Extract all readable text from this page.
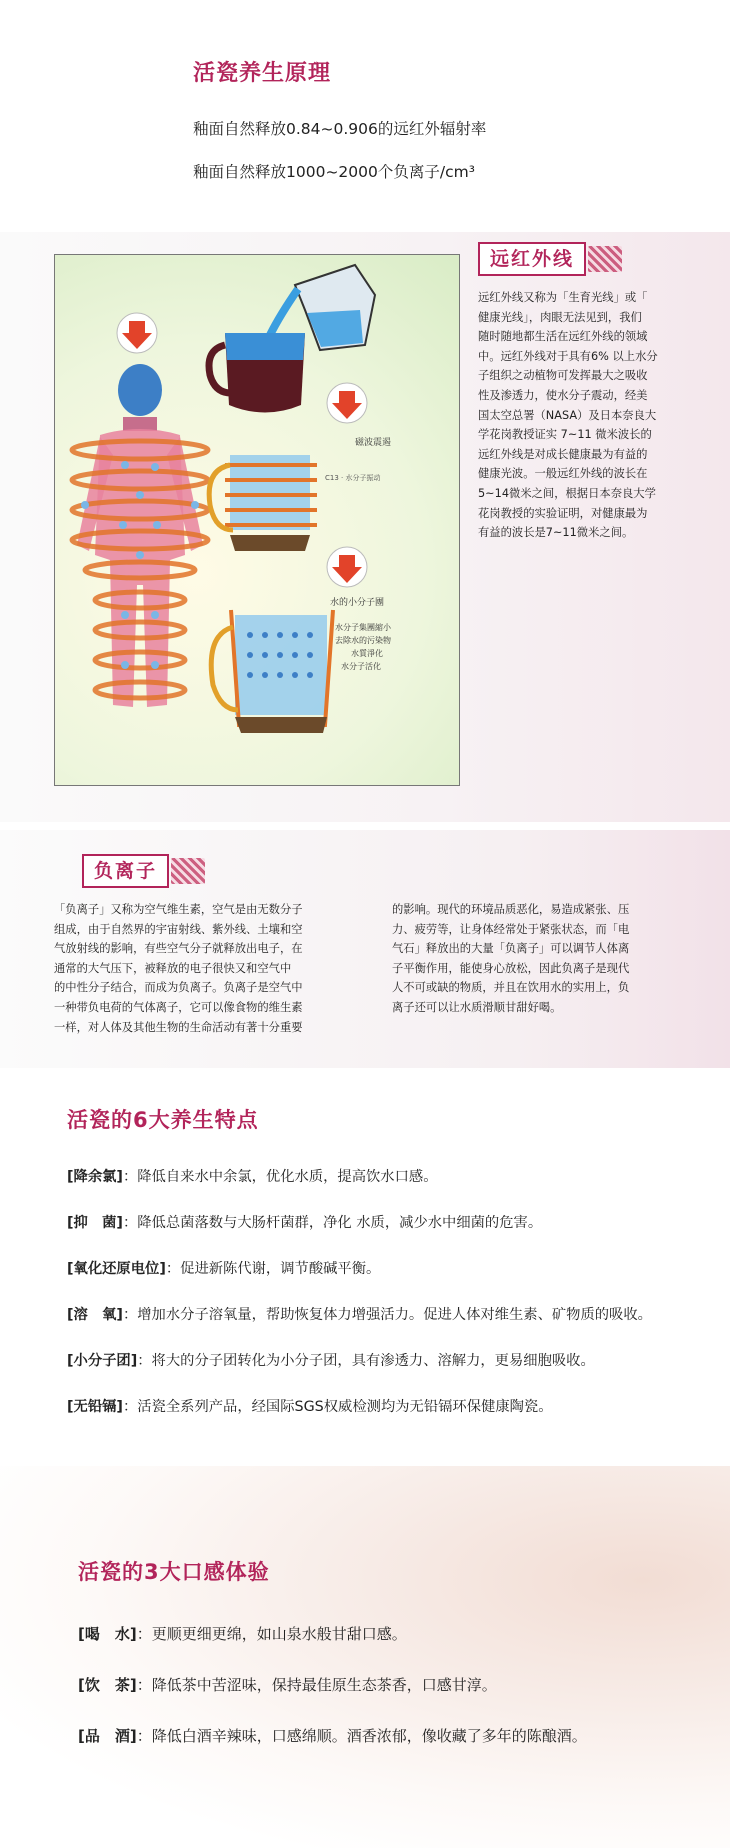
活瓷养生原理
釉面自然释放0.84~0.906的远红外辐射率
釉面自然释放1000~2000个负离子/cm³
磁波震遏
C13 · 水分子振动
水的小分子團
水分子集團縮小
去除水的污染物
水質淨化
水分子活化
远红外线
远红外线又称为「生育光线」或「
健康光线」，肉眼无法见到，我们
随时随地都生活在远红外线的领域
中。远红外线对于具有6% 以上水分
子组织之动植物可发挥最大之吸收
性及渗透力，使水分子震动，经美
国太空总署（NASA）及日本奈良大
学花岗教授证实 7~11 微米波长的
远红外线是对成长健康最为有益的
健康光波。一般远红外线的波长在
5~14微米之间，根据日本奈良大学
花岗教授的实验证明，对健康最为
有益的波长是7~11微米之间。
负离子
「负离子」又称为空气维生素，空气是由无数分子
组成，由于自然界的宇宙射线、紫外线、土壤和空
气放射线的影响，有些空气分子就释放出电子，在
通常的大气压下，被释放的电子很快又和空气中
的中性分子结合，而成为负离子。负离子是空气中
一种带负电荷的气体离子，它可以像食物的维生素
一样，对人体及其他生物的生命活动有著十分重要
的影响。现代的环境品质恶化，易造成紧张、压
力、疲劳等，让身体经常处于紧张状态，而「电
气石」释放出的大量「负离子」可以调节人体离
子平衡作用，能使身心放松，因此负离子是现代
人不可或缺的物质，并且在饮用水的实用上，负
离子还可以让水质滑顺甘甜好喝。
活瓷的6大养生特点
[降余氯]：降低自来水中余氯，优化水质，提高饮水口感。
[抑　菌]：降低总菌落数与大肠杆菌群，净化 水质，减少水中细菌的危害。
[氧化还原电位]：促进新陈代谢，调节酸碱平衡。
[溶　氧]：增加水分子溶氧量，帮助恢复体力增强活力。促进人体对维生素、矿物质的吸收。
[小分子团]：将大的分子团转化为小分子团，具有渗透力、溶解力，更易细胞吸收。
[无铅镉]：活瓷全系列产品，经国际SGS权威检测均为无铅镉环保健康陶瓷。
活瓷的3大口感体验
[喝　水]：更顺更细更绵，如山泉水般甘甜口感。
[饮　茶]：降低茶中苦涩味，保持最佳原生态茶香，口感甘淳。
[品　酒]：降低白酒辛辣味，口感绵顺。酒香浓郁，像收藏了多年的陈酿酒。
